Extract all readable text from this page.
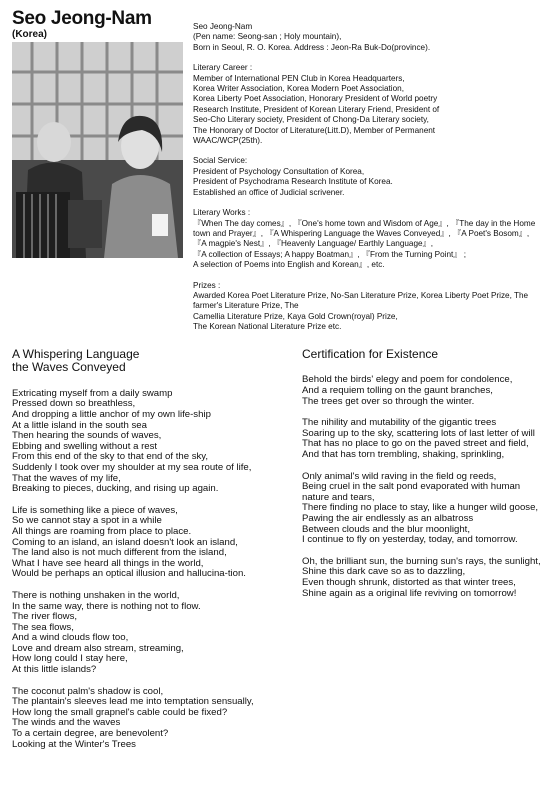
Seo Jeong-Nam
(Korea)
Seo Jeong-Nam
(Pen name: Seong-san ; Holy mountain),
Born in Seoul, R. O. Korea. Address : Jeon-Ra Buk-Do(province).
Literary Career :
Member of International PEN Club in Korea Headquarters,
Korea Writer Association, Korea Modern Poet Association,
Korea Liberty Poet Association, Honorary President of World poetry
Research Institute, President of Korean Literary Friend, President of
Seo-Cho Literary society, President of Chong-Da Literary society,
The Honorary of Doctor of Literature(Litt.D), Member of Permanent
WAAC/WCP(25th).
Social Service:
President of Psychology Consultation of Korea,
President of Psychodrama Research Institute of Korea.
Established an office of Judicial scrivener.
Literary Works :
『When The day comes』, 『One's home town and Wisdom of Age』, 『The day in the Home
town and Prayer』, 『A Whispering Language the Waves Conveyed』, 『A Poet's Bosom』,
『A magpie's Nest』, 『Heavenly Language/ Earthly Language』,
『A collection of Essays; A happy Boatman』, 『From the Turning Point』 ;
A selection of Poems into English and Korean』, etc.
Prizes :
Awarded Korea Poet Literature Prize, No-San Literature Prize, Korea Liberty Poet Prize, The farmer's Literature Prize, The
Camellia Literature Prize, Kaya Gold Crown(royal) Prize,
The Korean National Literature Prize etc.
A Whispering Language
the Waves Conveyed
Extricating myself from a daily swamp
Pressed down so breathless,
And dropping a little anchor of my own life-ship
At a little island in the south sea
Then hearing the sounds of waves,
Ebbing and swelling without a rest
From this end of the sky to that end of the sky,
Suddenly I took over my shoulder at my sea route of life,
That the waves of my life,
Breaking to pieces, ducking, and rising up again.
Life is something like a piece of waves,
So we cannot stay a spot in a while
All things are roaming from place to place.
Coming to an island, an island doesn't look an island,
The land also is not much different from the island,
What I have see heard all things in the world,
Would be perhaps an optical illusion and hallucina-tion.
There is nothing unshaken in the world,
In the same way, there is nothing not to flow.
The river flows,
The sea flows,
And a wind clouds flow too,
Love and dream also stream, streaming,
How long could I stay here,
At this little islands?
The coconut palm's shadow is cool,
The plantain's sleeves lead me into temptation sensually,
How long the small grapnel's cable could be fixed?
The winds and the waves
To a certain degree, are benevolent?
Looking at the Winter's Trees
Certification for Existence
Behold the birds' elegy and poem for condolence,
And a requiem tolling on the gaunt branches,
The trees get over so through the winter.
The nihility and mutability of the gigantic trees
Soaring up to the sky, scattering lots of last letter of will
That has no place to go on the paved street and field,
And that has torn trembling, shaking, sprinkling,
Only animal's wild raving in the field og reeds,
Being cruel in the salt pond evaporated with human nature and tears,
There finding no place to stay, like a hunger wild goose,
Pawing the air endlessly as an albatross
Between clouds and the blur moonlight,
I continue to fly on yesterday, today, and tomorrow.
Oh, the brilliant sun, the burning sun's rays, the sunlight,
Shine this dark cave so as to dazzling,
Even though shrunk, distorted as that winter trees,
Shine again as a original life reviving on tomorrow!
